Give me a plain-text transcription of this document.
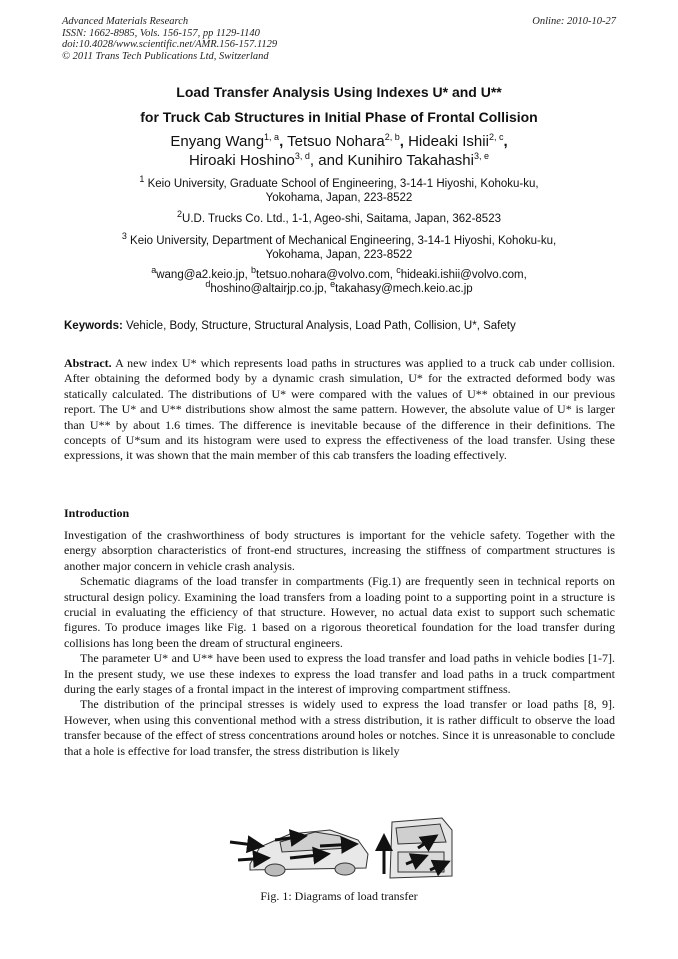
Advanced Materials Research
ISSN: 1662-8985, Vols. 156-157, pp 1129-1140
doi:10.4028/www.scientific.net/AMR.156-157.1129
© 2011 Trans Tech Publications Ltd, Switzerland
Online: 2010-10-27
Load Transfer Analysis Using Indexes U* and U**
for Truck Cab Structures in Initial Phase of Frontal Collision
Enyang Wang$^{1, a}$, Tetsuo Nohara$^{2, b}$, Hideaki Ishii$^{2, c}$,
Hiroaki Hoshino$^{3, d}$, and Kunihiro Takahashi$^{3, e}$
$^1$ Keio University, Graduate School of Engineering, 3-14-1 Hiyoshi, Kohoku-ku,
Yokohama, Japan, 223-8522
$^2$U.D. Trucks Co. Ltd., 1-1, Ageo-shi, Saitama, Japan, 362-8523
$^3$ Keio University, Department of Mechanical Engineering, 3-14-1 Hiyoshi, Kohoku-ku,
Yokohama, Japan, 223-8522
$^a$wang@a2.keio.jp, $^b$tetsuo.nohara@volvo.com, $^c$hideaki.ishii@volvo.com,
$^d$hoshino@altairjp.co.jp, $^e$takahasy@mech.keio.ac.jp
Keywords: Vehicle, Body, Structure, Structural Analysis, Load Path, Collision, U*, Safety

Abstract. A new index U* which represents load paths in structures was applied to a truck cab under collision. After obtaining the deformed body by a dynamic crash simulation, U* for the extracted deformed body was statically calculated. The distributions of U* were compared with the values of U** obtained in our previous report. The U* and U** distributions show almost the same pattern. However, the absolute value of U* is larger than U** by about 1.6 times. The difference is inevitable because of the difference in their definitions. The concepts of U*sum and its histogram were used to express the effectiveness of the load transfer. Using these expressions, it was shown that the main member of this cab transfers the loading effectively.

Introduction

Investigation of the crashworthiness of body structures is important for the vehicle safety. Together with the energy absorption characteristics of front-end structures, increasing the stiffness of compartment structures is another major concern in vehicle crash analysis.

Schematic diagrams of the load transfer in compartments (Fig.1) are frequently seen in technical reports on structural design policy. Examining the load transfers from a loading point to a supporting point in a structure is crucial in evaluating the efficiency of that structure. However, no actual data exist to support such schematic figures. To produce images like Fig. 1 based on a rigorous theoretical foundation for the load transfer during collisions has long been the dream of structural engineers.

The parameter U* and U** have been used to express the load transfer and load paths in vehicle bodies [1-7]. In the present study, we use these indexes to express the load transfer and load paths in a truck compartment during the early stages of a frontal impact in the interest of improving compartment stiffness.

The distribution of the principal stresses is widely used to express the load transfer or load paths [8, 9]. However, when using this conventional method with a stress distribution, it is rather difficult to observe the load transfer because of the effect of stress concentrations around holes or notches. Since it is unreasonable to conclude that a hole is effective for load transfer, the stress distribution is likely

Fig. 1: Diagrams of load transfer
